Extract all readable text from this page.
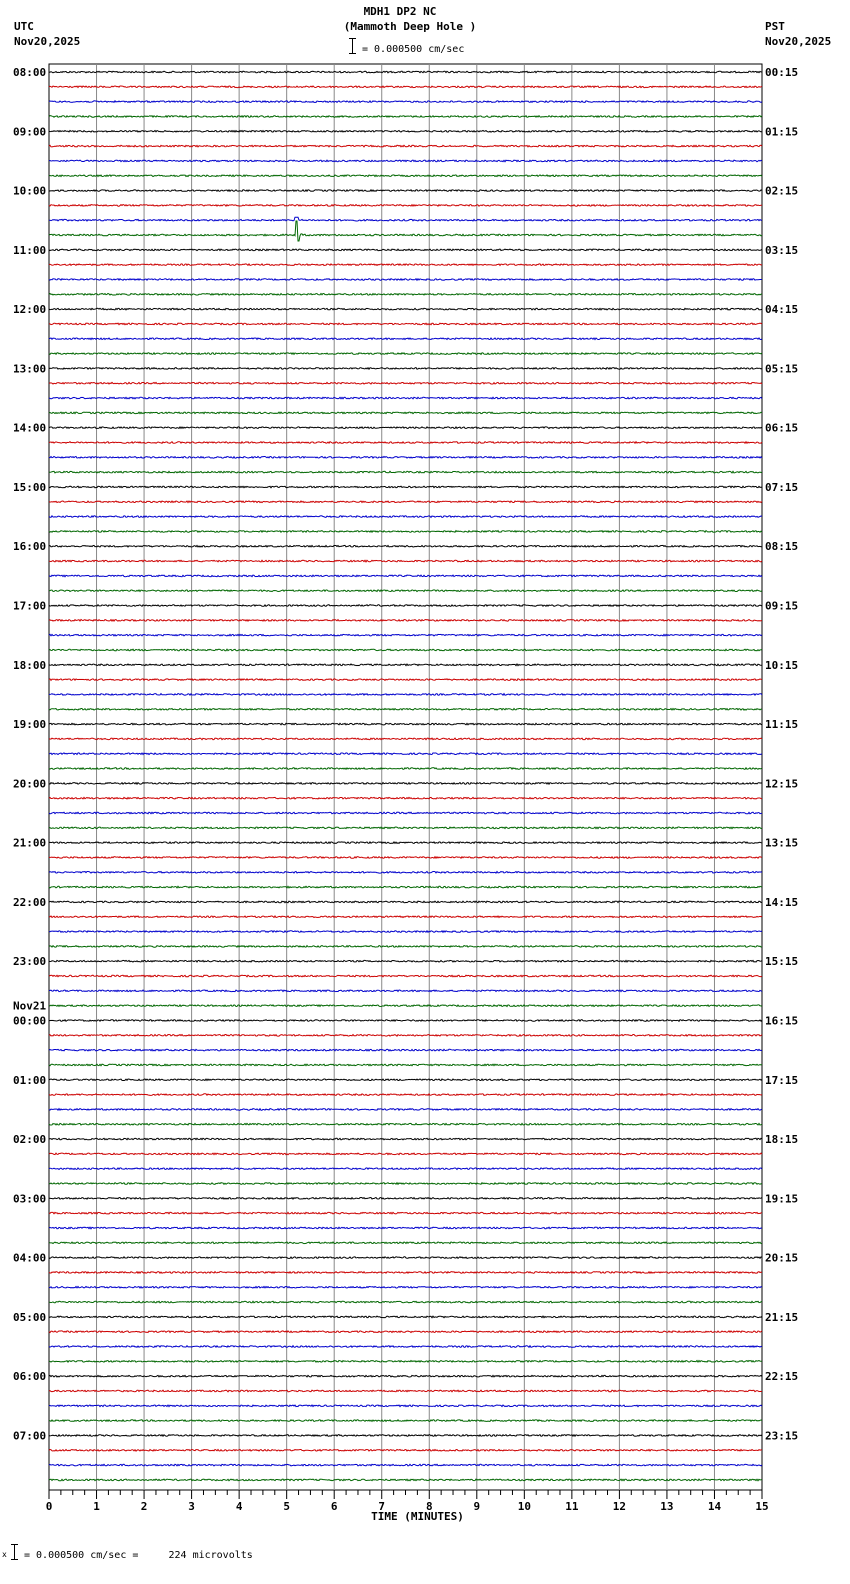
MDH1 DP2 NC
(Mammoth Deep Hole )
= 0.000500 cm/sec
UTC
Nov20,2025
PST
Nov20,2025
08:00
09:00
10:00
11:00
12:00
13:00
14:00
15:00
16:00
17:00
18:00
19:00
20:00
21:00
22:00
23:00
00:00
01:00
02:00
03:00
04:00
05:00
06:00
07:00
00:15
01:15
02:15
03:15
04:15
05:15
06:15
07:15
08:15
09:15
10:15
11:15
12:15
13:15
14:15
15:15
16:15
17:15
18:15
19:15
20:15
21:15
22:15
23:15
Nov21
0	1	2	3	4	5	6	7	8	9	10	11	12	13	14	15
TIME (MINUTES)
x = 0.000500 cm/sec =     224 microvolts
